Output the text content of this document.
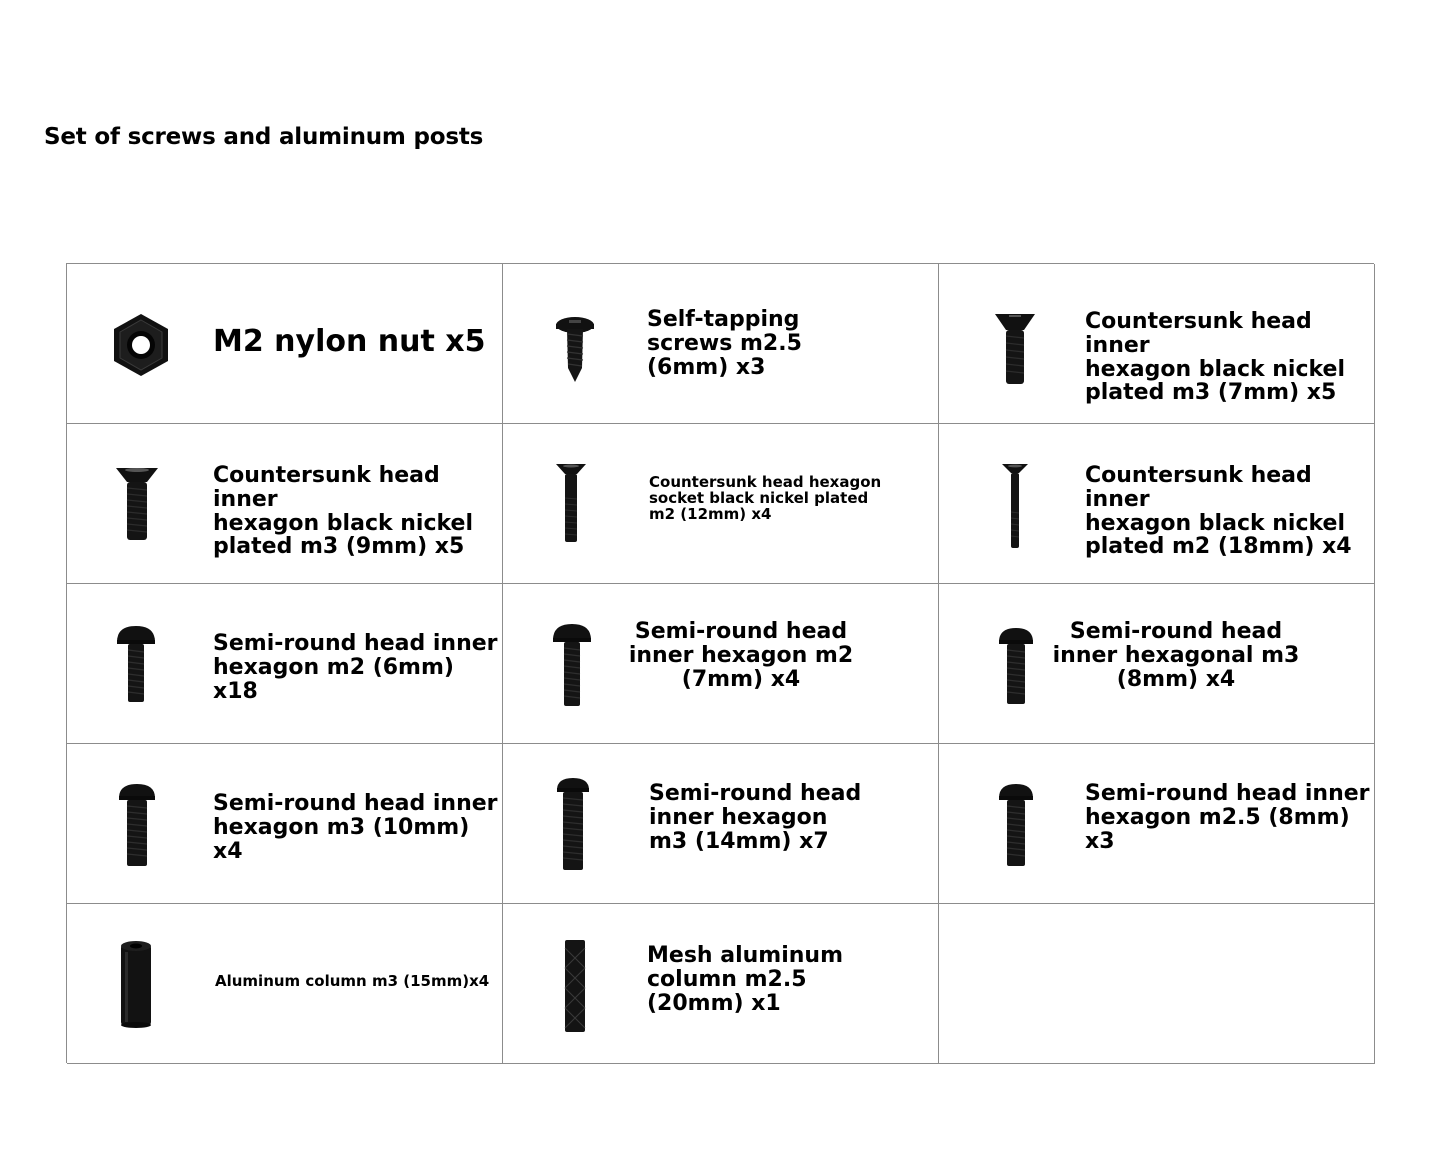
Set of screws and aluminum posts
M2 nylon nut x5
Self-tapping
screws m2.5
(6mm) x3
Countersunk head inner
hexagon black nickel
plated m3 (7mm) x5
Countersunk head inner
hexagon black nickel
plated m3 (9mm) x5
Countersunk head hexagon
socket black nickel plated
m2 (12mm) x4
Countersunk head inner
hexagon black nickel
plated m2 (18mm) x4
Semi-round head inner
hexagon m2 (6mm) x18
Semi-round head
inner hexagon m2
(7mm) x4
Semi-round head
inner hexagonal m3
(8mm) x4
Semi-round head inner
hexagon m3 (10mm) x4
Semi-round head
inner hexagon
m3 (14mm) x7
Semi-round head inner
hexagon m2.5 (8mm)
x3
Aluminum column m3 (15mm)x4
Mesh aluminum
column m2.5
(20mm) x1
